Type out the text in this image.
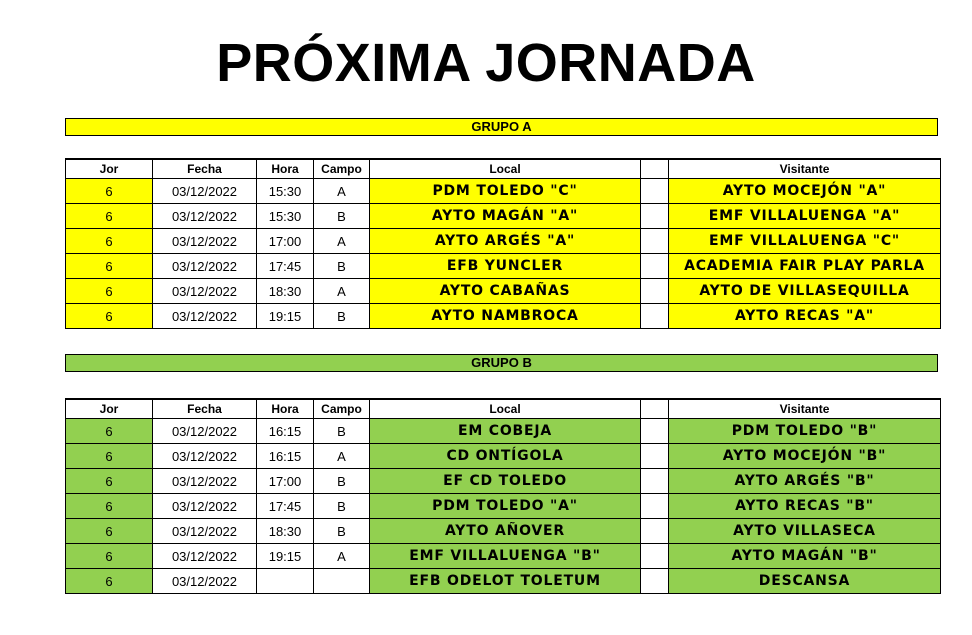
PRÓXIMA JORNADA
GRUPO A
Jor	Fecha	Hora	Campo	Local		Visitante
6	03/12/2022	15:30	A	PDM TOLEDO "C"		AYTO MOCEJÓN "A"
6	03/12/2022	15:30	B	AYTO MAGÁN "A"		EMF VILLALUENGA "A"
6	03/12/2022	17:00	A	AYTO ARGÉS "A"		EMF VILLALUENGA "C"
6	03/12/2022	17:45	B	EFB YUNCLER		ACADEMIA FAIR PLAY PARLA
6	03/12/2022	18:30	A	AYTO CABAÑAS		AYTO DE VILLASEQUILLA
6	03/12/2022	19:15	B	AYTO NAMBROCA		AYTO RECAS "A"
GRUPO B
Jor	Fecha	Hora	Campo	Local		Visitante
6	03/12/2022	16:15	B	EM COBEJA		PDM TOLEDO "B"
6	03/12/2022	16:15	A	CD ONTÍGOLA		AYTO MOCEJÓN "B"
6	03/12/2022	17:00	B	EF CD TOLEDO		AYTO ARGÉS "B"
6	03/12/2022	17:45	B	PDM TOLEDO "A"		AYTO RECAS "B"
6	03/12/2022	18:30	B	AYTO AÑOVER		AYTO VILLASECA
6	03/12/2022	19:15	A	EMF VILLALUENGA "B"		AYTO MAGÁN "B"
6	03/12/2022			EFB ODELOT TOLETUM		DESCANSA
